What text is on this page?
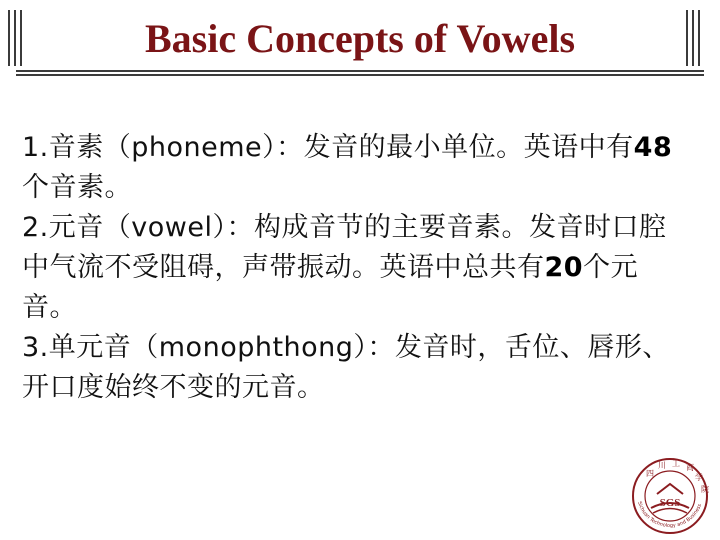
Basic Concepts of Vowels

1.音素（phoneme）：发音的最小单位。英语中有48个音素。

2.元音（vowel）：构成音节的主要音素。发音时口腔中气流不受阻碍，声带振动。英语中总共有20个元音。

3.单元音（monophthong）：发音时，舌位、唇形、开口度始终不变的元音。

SGS
四
川 工 商
学
院
Sichuan Technology and Business
